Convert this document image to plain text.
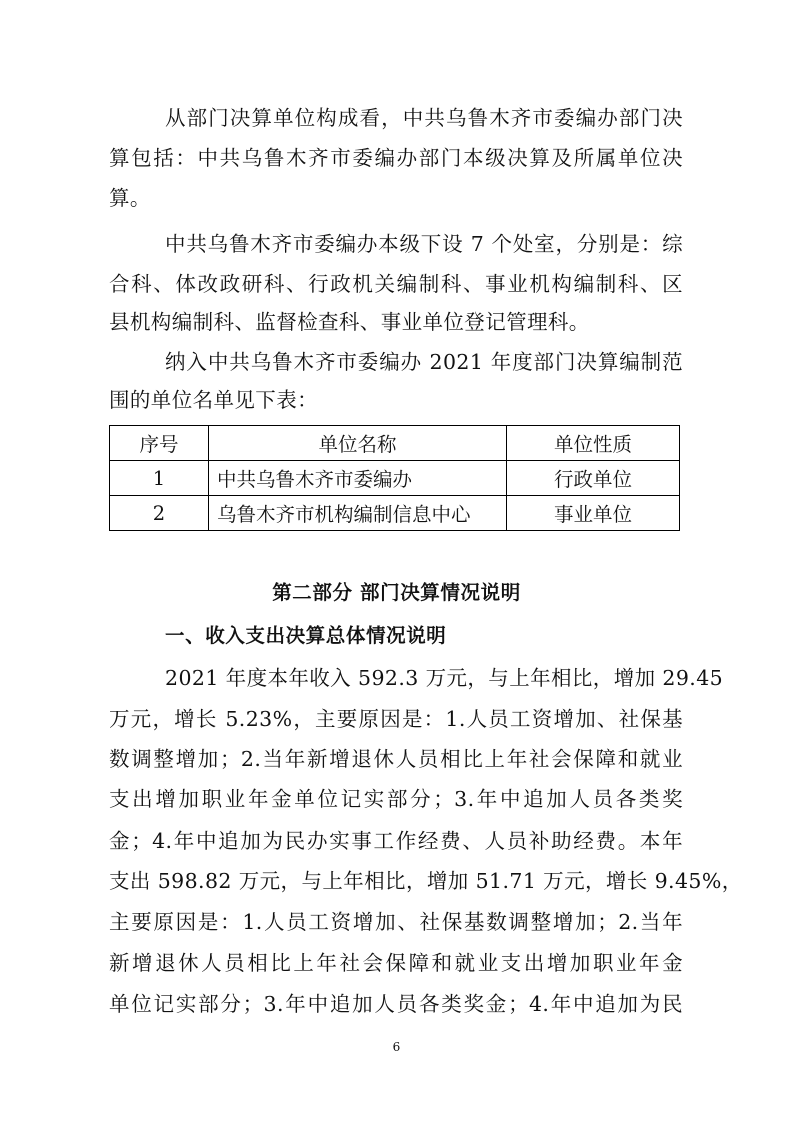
从部门决算单位构成看，中共乌鲁木齐市委编办部门决
算包括：中共乌鲁木齐市委编办部门本级决算及所属单位决
算。
中共乌鲁木齐市委编办本级下设 7 个处室，分别是：综
合科、体改政研科、行政机关编制科、事业机构编制科、区
县机构编制科、监督检查科、事业单位登记管理科。
纳入中共乌鲁木齐市委编办 2021 年度部门决算编制范
围的单位名单见下表：
序号	单位名称	单位性质
1	中共乌鲁木齐市委编办	行政单位
2	乌鲁木齐市机构编制信息中心	事业单位
第二部分 部门决算情况说明
一、收入支出决算总体情况说明
2021 年度本年收入 592.3 万元，与上年相比，增加 29.45
万元，增长 5.23%，主要原因是：1.人员工资增加、社保基
数调整增加；2.当年新增退休人员相比上年社会保障和就业
支出增加职业年金单位记实部分；3.年中追加人员各类奖
金；4.年中追加为民办实事工作经费、人员补助经费。本年
支出 598.82 万元，与上年相比，增加 51.71 万元，增长 9.45%，
主要原因是：1.人员工资增加、社保基数调整增加；2.当年
新增退休人员相比上年社会保障和就业支出增加职业年金
单位记实部分；3.年中追加人员各类奖金；4.年中追加为民
6
